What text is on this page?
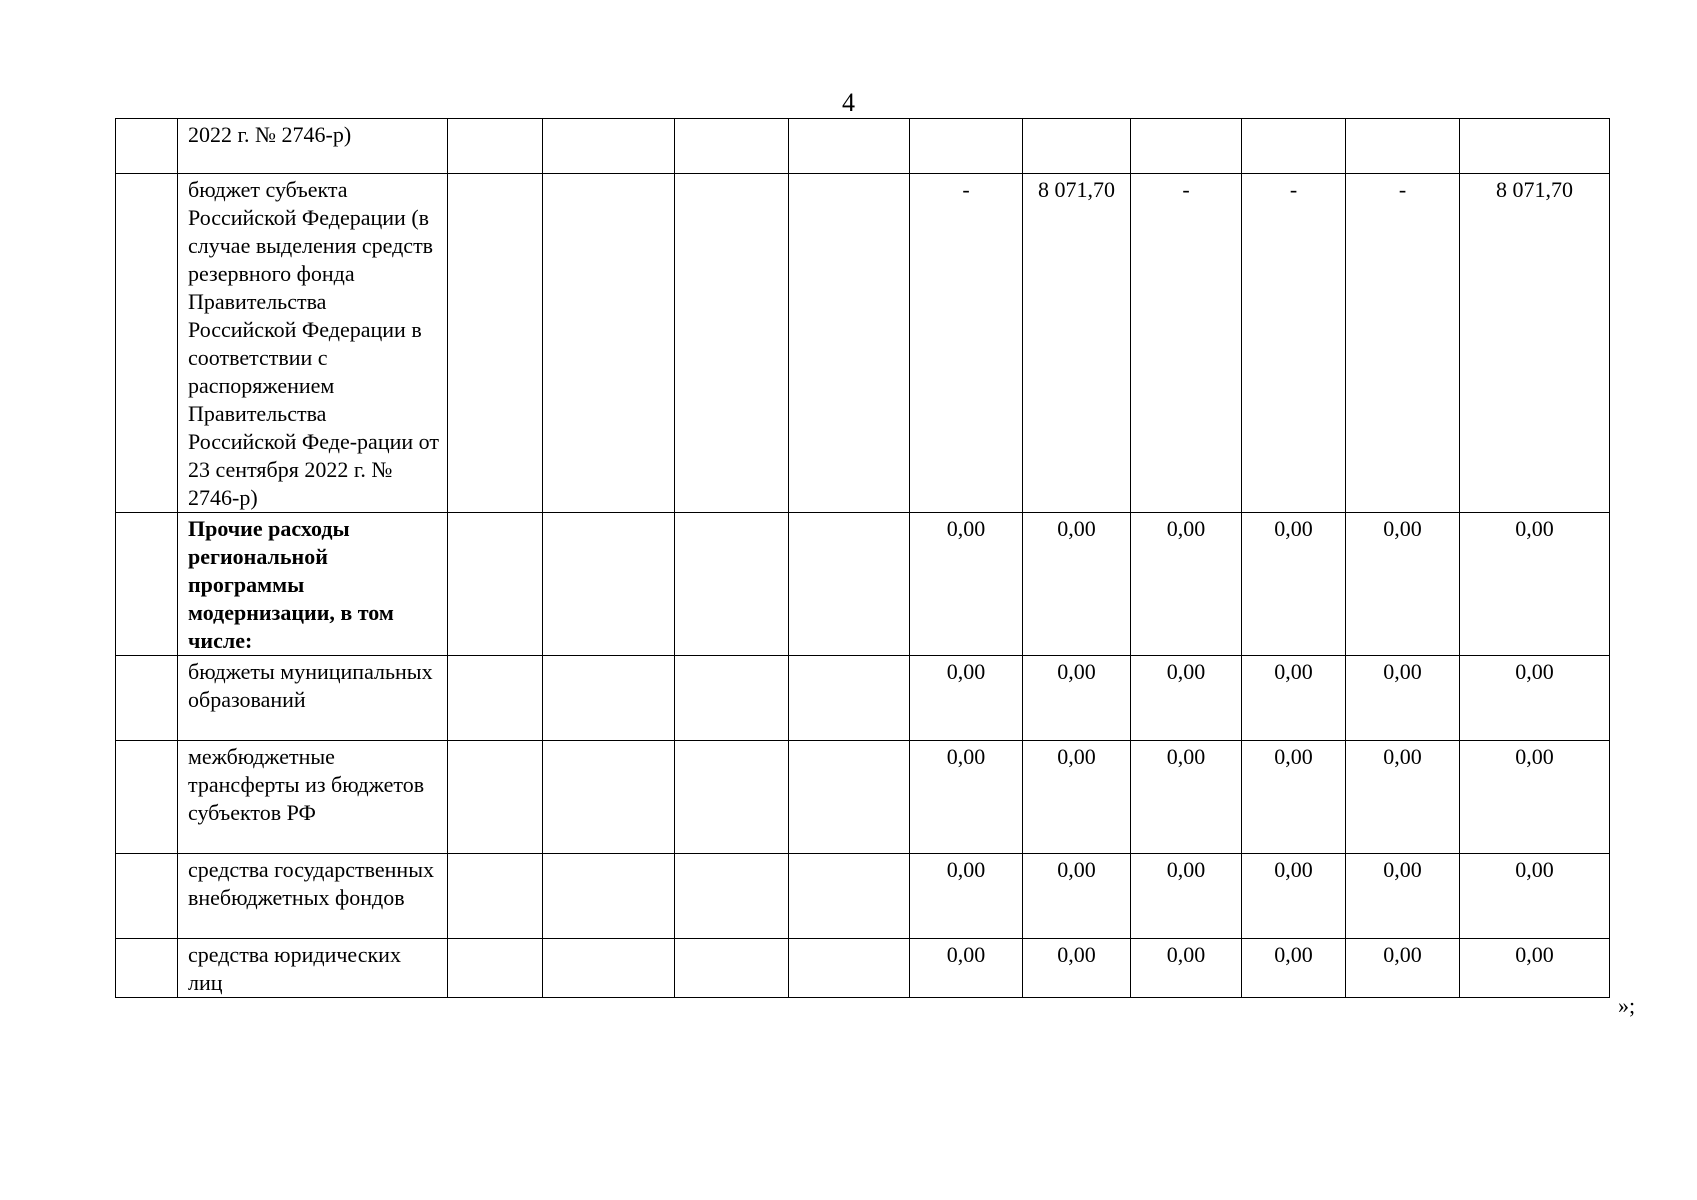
4
	2022 г. № 2746-р)										
	бюджет субъекта Российской Федерации (в случае выделения средств резервного фонда Правительства Российской Федерации в соответствии с распоряжением Правительства Российской Феде-рации от 23 сентября 2022 г. № 2746-р)					-	8 071,70	-	-	-	8 071,70
	Прочие расходы региональной программы модернизации, в том числе:					0,00	0,00	0,00	0,00	0,00	0,00
	бюджеты муниципальных образований					0,00	0,00	0,00	0,00	0,00	0,00
	межбюджетные трансферты из бюджетов субъектов РФ					0,00	0,00	0,00	0,00	0,00	0,00
	средства государственных внебюджетных фондов					0,00	0,00	0,00	0,00	0,00	0,00
	средства юридических лиц					0,00	0,00	0,00	0,00	0,00	0,00
»;
